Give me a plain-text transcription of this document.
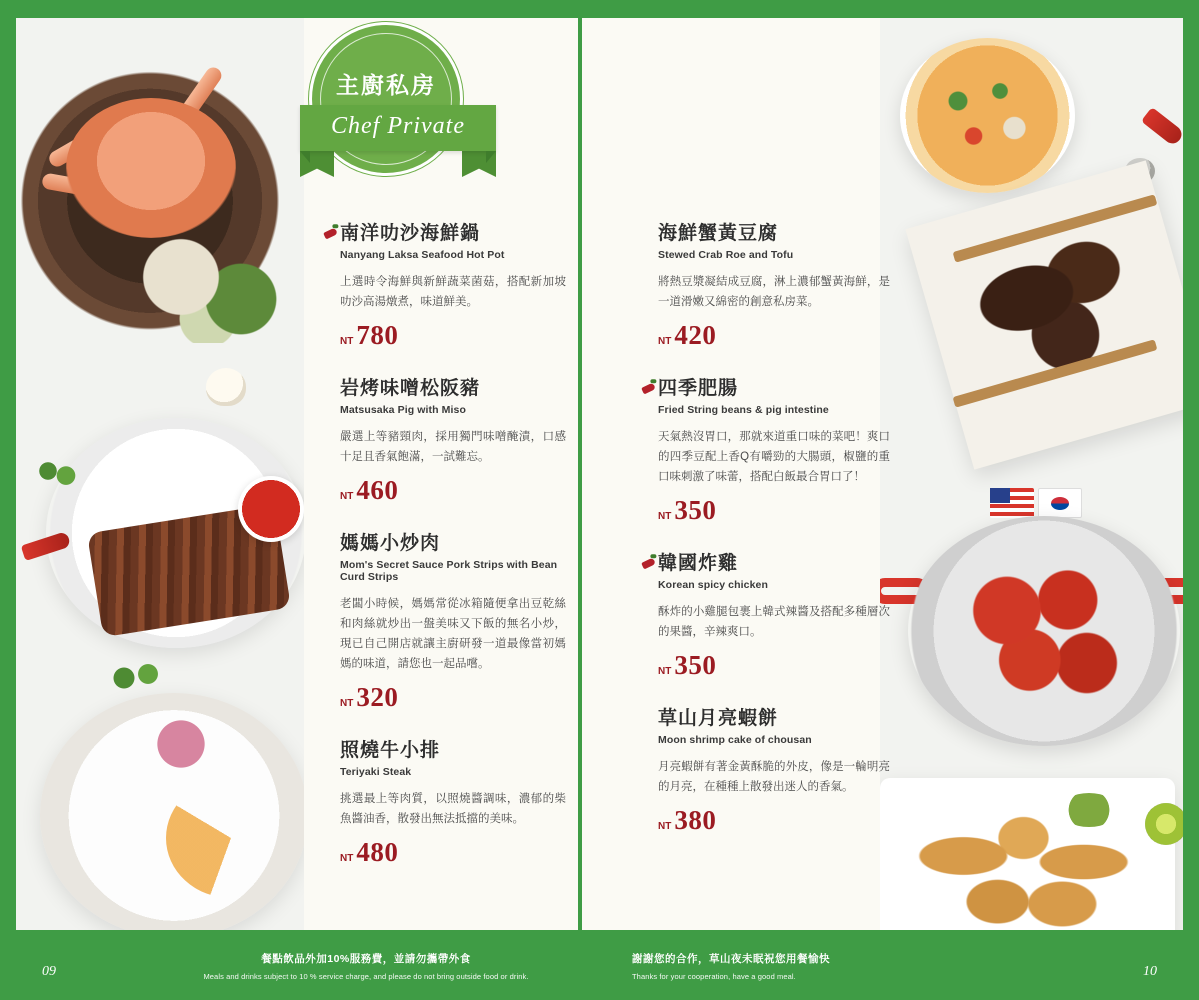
主廚私房
Chef Private
南洋叻沙海鮮鍋
Nanyang Laksa Seafood Hot Pot
上選時令海鮮與新鮮蔬菜菌菇，搭配新加坡叻沙高湯燉煮，味道鮮美。
NT 780
岩烤味噌松阪豬
Matsusaka Pig with Miso
嚴選上等豬頸肉，採用獨門味噌醃漬，口感十足且香氣飽滿，一試難忘。
NT 460
媽媽小炒肉
Mom's Secret Sauce Pork Strips with Bean Curd Strips
老闆小時候，媽媽常從冰箱隨便拿出豆乾絲和肉絲就炒出一盤美味又下飯的無名小炒，現已自己開店就讓主廚研發一道最像當初媽媽的味道，請您也一起品嚐。
NT 320
照燒牛小排
Teriyaki Steak
挑選最上等肉質，以照燒醬調味，濃郁的柴魚醬油香，散發出無法抵擋的美味。
NT 480
海鮮蟹黃豆腐
Stewed Crab Roe and Tofu
將熱豆漿凝結成豆腐，淋上濃郁蟹黃海鮮，是一道滑嫩又綿密的創意私房菜。
NT 420
四季肥腸
Fried String beans & pig intestine
天氣熱沒胃口，那就來道重口味的菜吧！爽口的四季豆配上香Q有嚼勁的大腸頭，椒鹽的重口味刺激了味蕾，搭配白飯最合胃口了！
NT 350
韓國炸雞
Korean spicy chicken
酥炸的小雞腿包裹上韓式辣醬及搭配多種層次的果醬，辛辣爽口。
NT 350
草山月亮蝦餅
Moon shrimp cake of chousan
月亮蝦餅有著金黃酥脆的外皮，像是一輪明亮的月亮，在種種上散發出迷人的香氣。
NT 380
09
餐點飲品外加10%服務費，並請勿攜帶外食
Meals and drinks subject to 10 % service charge, and please do not bring outside food or drink.
謝謝您的合作，草山夜未眠祝您用餐愉快
Thanks for your cooperation, have a good meal.	10
